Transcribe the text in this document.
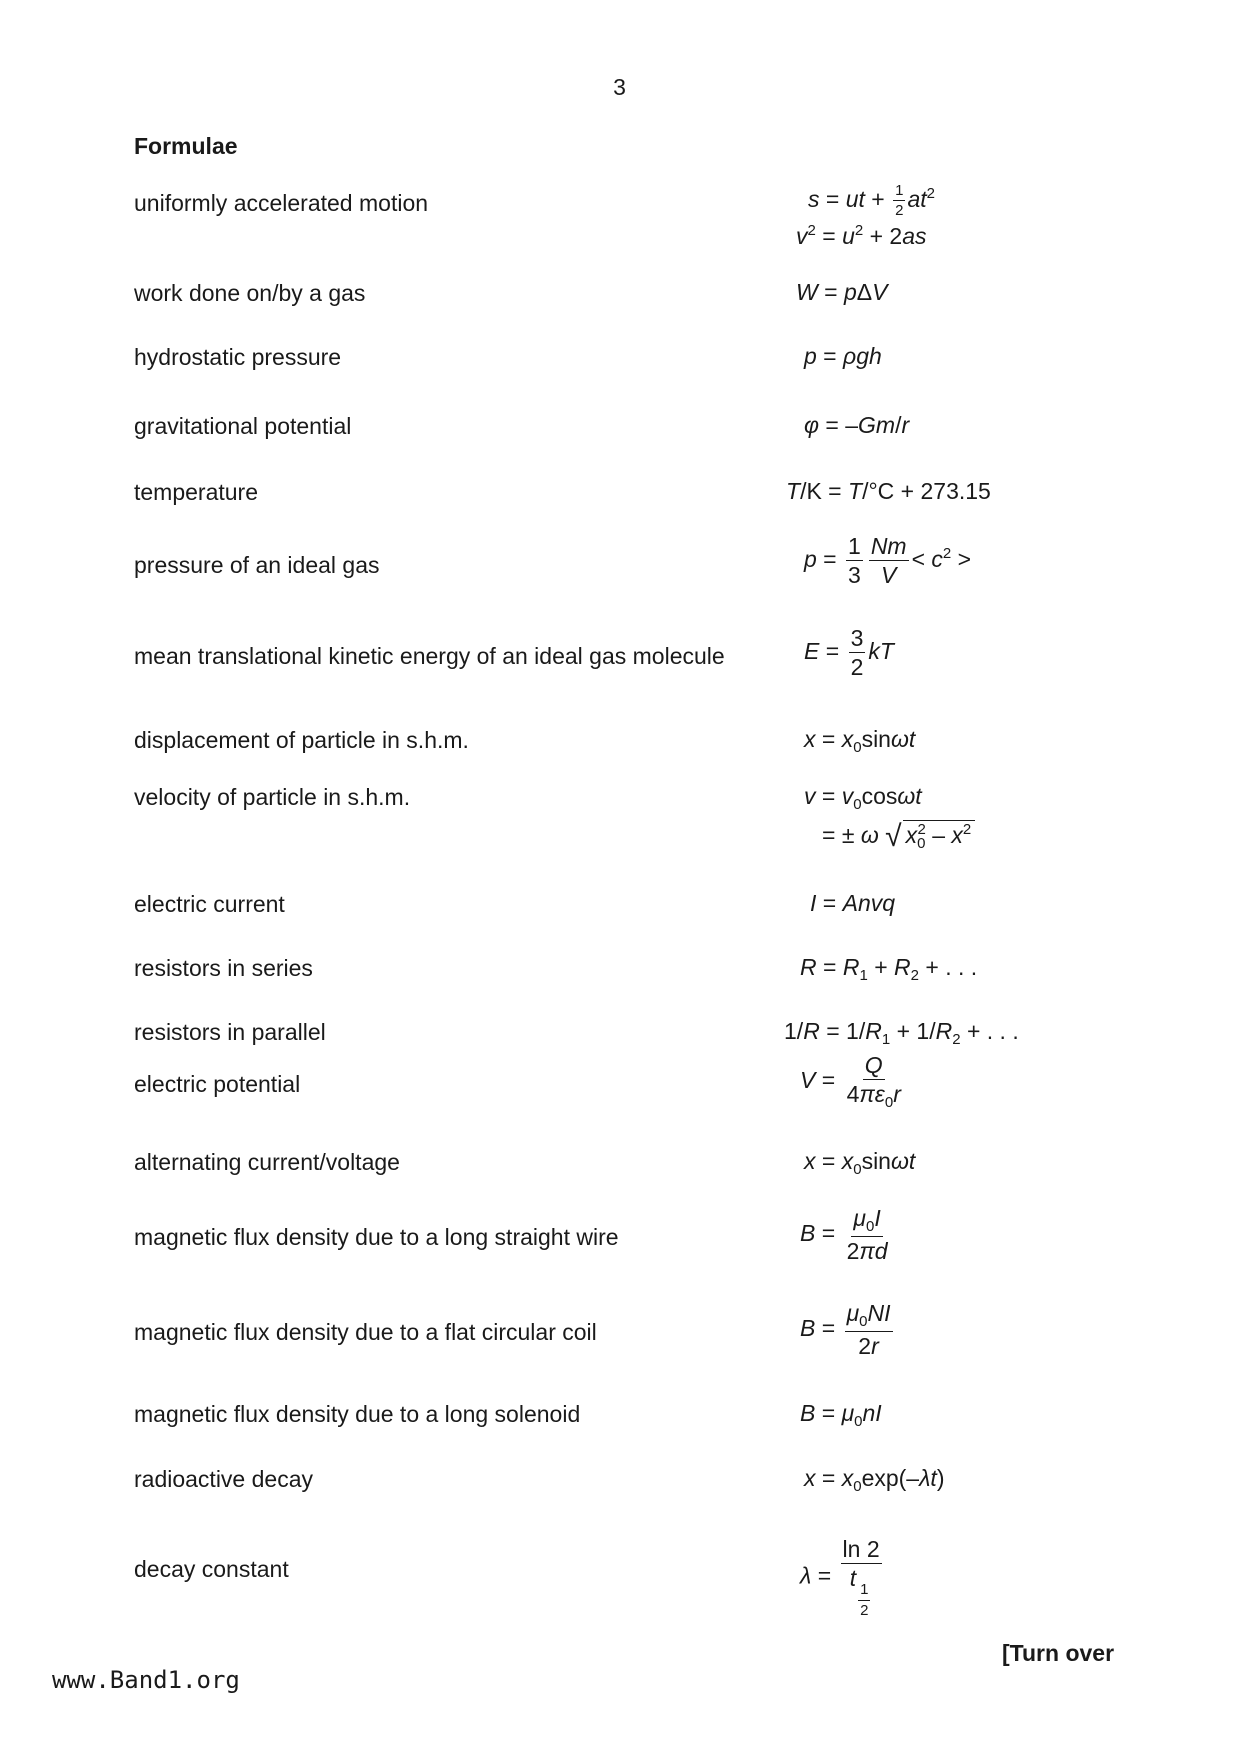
3
Formulae
uniformly accelerated motion
work done on/by a gas
hydrostatic pressure
gravitational potential
temperature
pressure of an ideal gas
mean translational kinetic energy of an ideal gas molecule
displacement of particle in s.h.m.
velocity of particle in s.h.m.
electric current
resistors in series
resistors in parallel
electric potential
alternating current/voltage
magnetic flux density due to a long straight wire
magnetic flux density due to a flat circular coil
magnetic flux density due to a long solenoid
radioactive decay
decay constant
s = ut + $\frac{1}{2} at^2$
$v^2 = u^2 + 2as$
W = pΔV
p = ρgh
φ = –Gm/r
T/K = T/°C + 273.15
$p = \frac{1}{3} \frac{Nm}{V} < c^2$ >
$E = \frac{3}{2}$ kT
$x = x_0\sin\omega t$
$v = v_0\cos\omega t$
= ± ω √ $x_0^2 - x^2$
I = Anvq
$R = R_1 + R_2$ + . . .
$1/R = 1/R_1 + 1/R_2$ + . . .
$V = \frac{Q}{4\pi\varepsilon_0r}$
$x = x_0\sin\omega t$
$B = \frac{\mu_0I}{2\pi d}$
$B = \frac{\mu_0NI}{2r}$
$B = \mu_0nI$
$x = x_0\exp(-\lambda t)$
λ = ln 2
t
$\frac{1}{2}$
[Turn over
www.Band1.org
